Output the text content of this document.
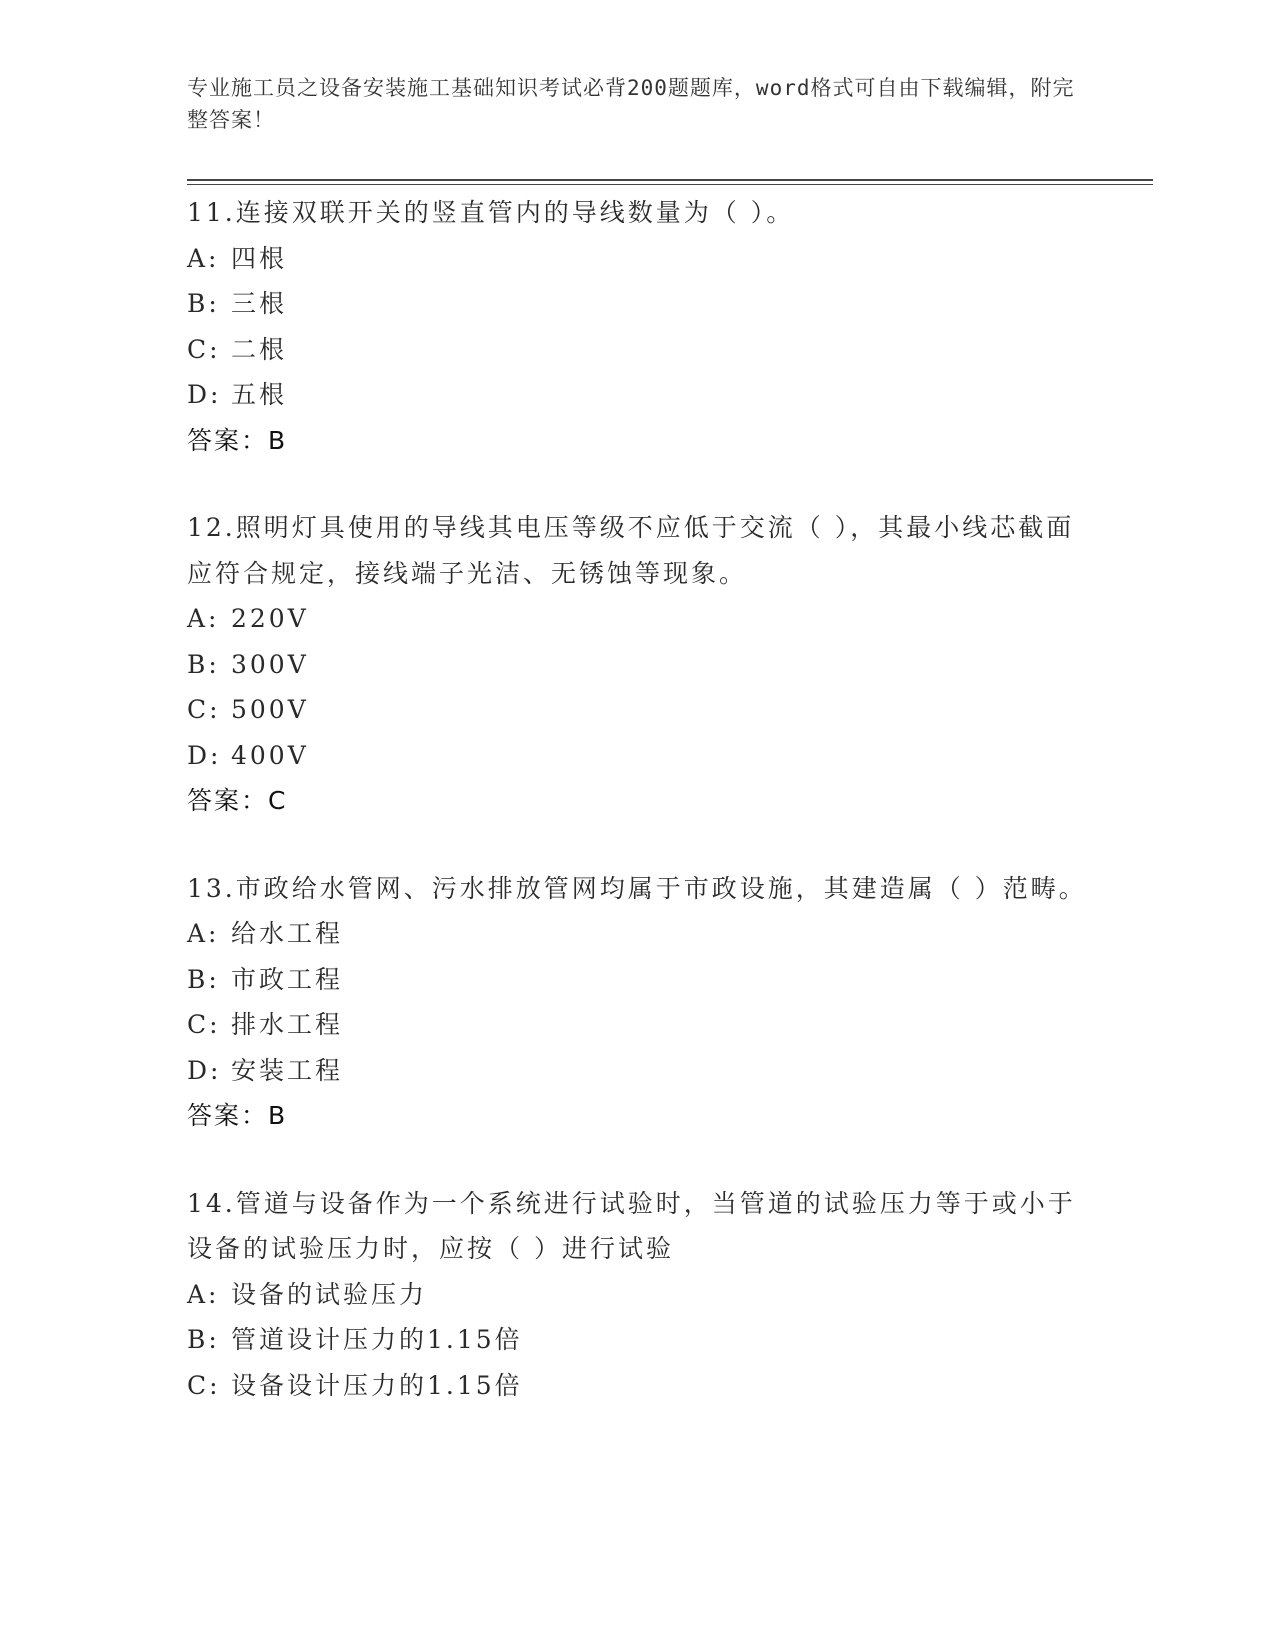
专业施工员之设备安装施工基础知识考试必背200题题库，word格式可自由下载编辑，附完整答案！
11.连接双联开关的竖直管内的导线数量为（ ）。
A: 四根
B: 三根
C: 二根
D: 五根
答案：B
12.照明灯具使用的导线其电压等级不应低于交流（ ），其最小线芯截面应符合规定，接线端子光洁、无锈蚀等现象。
A: 220V
B: 300V
C: 500V
D: 400V
答案：C
13.市政给水管网、污水排放管网均属于市政设施，其建造属（ ）范畴。
A: 给水工程
B: 市政工程
C: 排水工程
D: 安装工程
答案：B
14.管道与设备作为一个系统进行试验时，当管道的试验压力等于或小于设备的试验压力时，应按（ ）进行试验
A: 设备的试验压力
B: 管道设计压力的1.15倍
C: 设备设计压力的1.15倍
